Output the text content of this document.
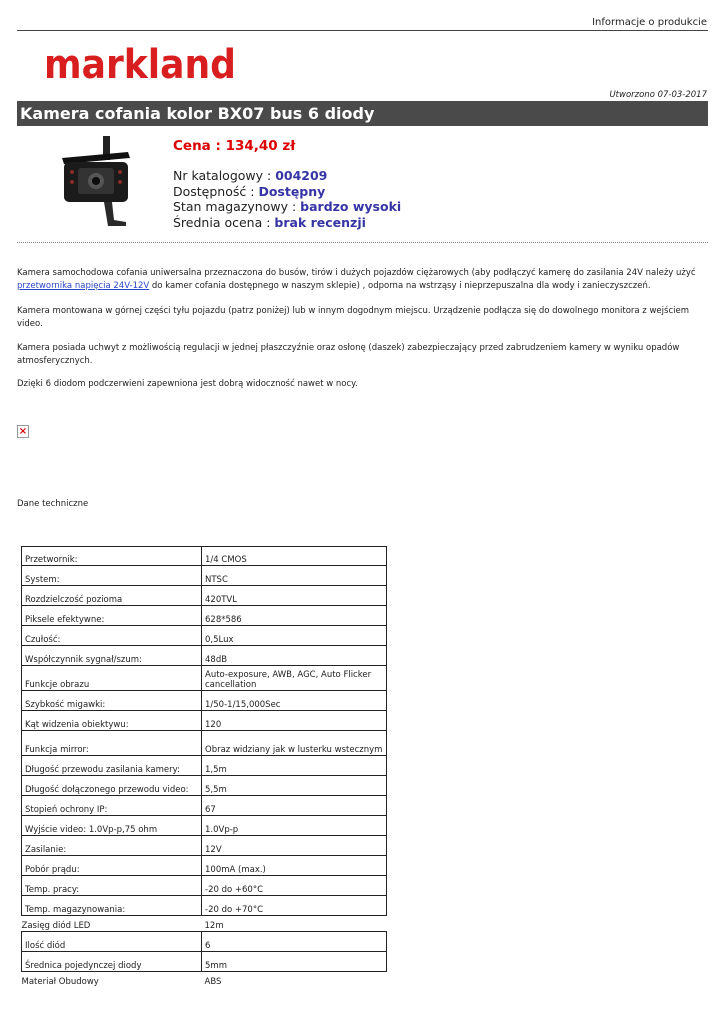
Informacje o produkcie
markland
Utworzono 07-03-2017
Kamera cofania kolor BX07 bus 6 diody
Cena : 134,40 zł
Nr katalogowy : 004209
Dostępność : Dostępny
Stan magazynowy : bardzo wysoki
Średnia ocena : brak recenzji
Kamera samochodowa cofania uniwersalna przeznaczona do busów, tirów i dużych pojazdów ciężarowych (aby podłączyć kamerę do zasilania 24V należy użyć przetwornika napięcia 24V-12V do kamer cofania dostępnego w naszym sklepie) , odporna na wstrząsy i nieprzepuszalna dla wody i zanieczyszczeń.
Kamera montowana w górnej części tyłu pojazdu (patrz poniżej) lub w innym dogodnym miejscu. Urządzenie podłącza się do dowolnego monitora z wejściem video.
Kamera posiada uchwyt z możliwością regulacji w jednej płaszczyźnie oraz osłonę (daszek) zabezpieczający przed zabrudzeniem kamery w wyniku opadów atmosferycznych.
Dzięki 6 diodom podczerwieni zapewniona jest dobrą widoczność nawet w nocy.
×
Dane techniczne
Przetwornik:	1/4 CMOS
System:	NTSC
Rozdzielczość pozioma	420TVL
Piksele efektywne:	628*586
Czułość:	0,5Lux
Współczynnik sygnał/szum:	48dB
Funkcje obrazu	Auto-exposure, AWB, AGC, Auto Flicker cancellation
Szybkość migawki:	1/50-1/15,000Sec
Kąt widzenia obiektywu:	120
Funkcja mirror:	Obraz widziany jak w lusterku wstecznym
Długość przewodu zasilania kamery:	1,5m
Długość dołączonego przewodu video:	5,5m
Stopień ochrony IP:	67
Wyjście video: 1.0Vp-p,75 ohm	1.0Vp-p
Zasilanie:	12V
Pobór prądu:	100mA (max.)
Temp. pracy:	-20 do +60°C
Temp. magazynowania:	-20 do +70°C
Zasięg diód LED	12m
Ilość diód	6
Średnica pojedynczej diody	5mm
Materiał Obudowy	ABS
